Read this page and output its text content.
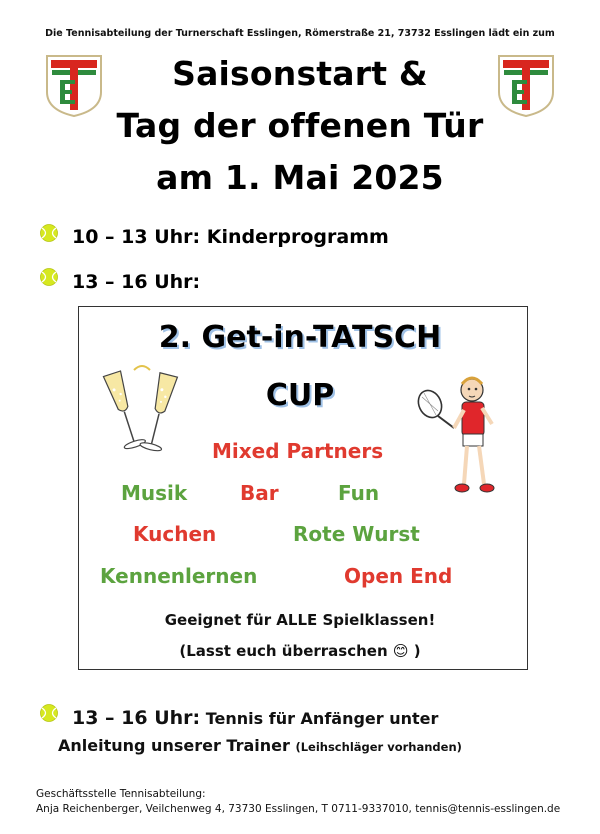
Die Tennisabteilung der Turnerschaft Esslingen, Römerstraße 21, 73732 Esslingen lädt ein zum
Saisonstart &
Tag der offenen Tür
am 1. Mai 2025
10 – 13 Uhr: Kinderprogramm
13 – 16 Uhr:
2. Get-in-TATSCH
CUP
Mixed Partners
Musik	Bar	Fun
Kuchen	Rote Wurst
Kennenlernen	Open End
Geeignet für ALLE Spielklassen!
(Lasst euch überraschen 😊 )
13 – 16 Uhr: Tennis für Anfänger unter
Anleitung unserer Trainer (Leihschläger vorhanden)
Geschäftsstelle Tennisabteilung:
Anja Reichenberger, Veilchenweg 4, 73730 Esslingen, T 0711-9337010, tennis@tennis-esslingen.de
